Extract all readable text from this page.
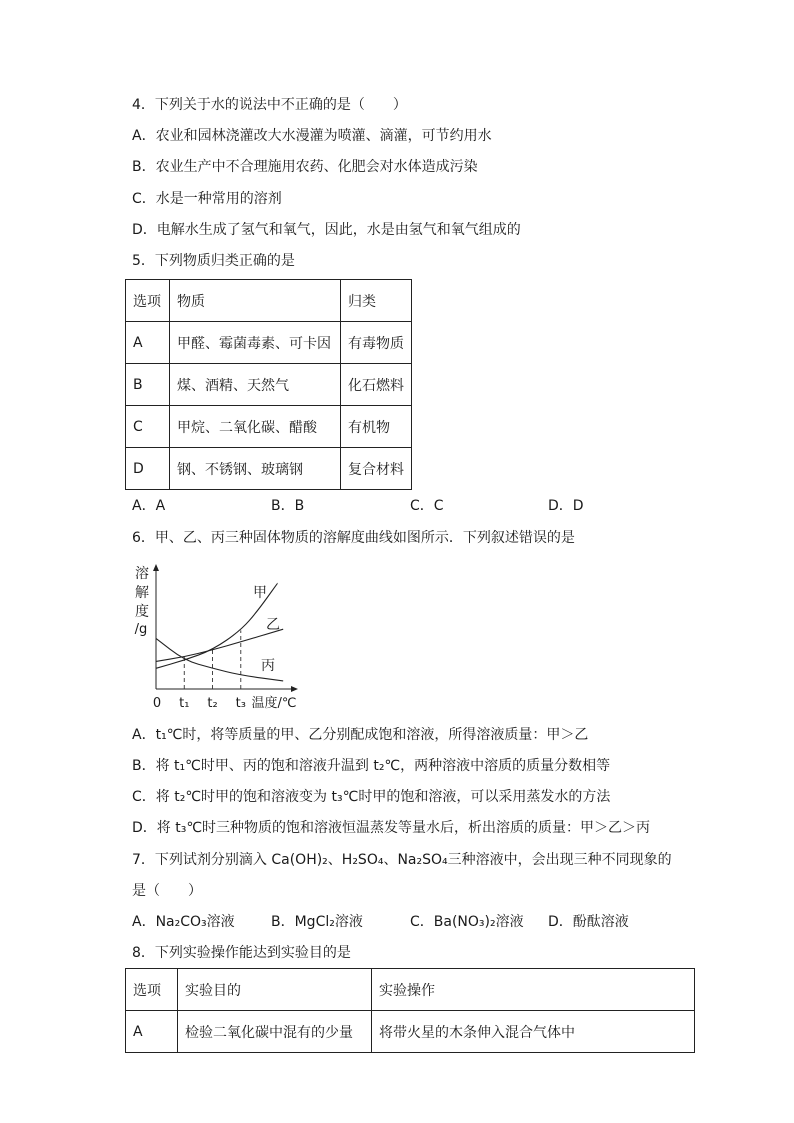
4．下列关于水的说法中不正确的是（　　）
A．农业和园林浇灌改大水漫灌为喷灌、滴灌，可节约用水
B．农业生产中不合理施用农药、化肥会对水体造成污染
C．水是一种常用的溶剂
D．电解水生成了氢气和氧气，因此，水是由氢气和氧气组成的
5．下列物质归类正确的是
选项	物质	归类
A	甲醛、霉菌毒素、可卡因	有毒物质
B	煤、酒精、天然气	化石燃料
C	甲烷、二氧化碳、醋酸	有机物
D	钢、不锈钢、玻璃钢	复合材料
A．A	B．B	C．C	D．D
6．甲、乙、丙三种固体物质的溶解度曲线如图所示．下列叙述错误的是
溶
解
度
/g
甲
乙
丙
0 t₁ t₂ t₃ 温度/℃
A．t₁℃时，将等质量的甲、乙分别配成饱和溶液，所得溶液质量：甲＞乙
B．将 t₁℃时甲、丙的饱和溶液升温到 t₂℃，两种溶液中溶质的质量分数相等
C．将 t₂℃时甲的饱和溶液变为 t₃℃时甲的饱和溶液，可以采用蒸发水的方法
D．将 t₃℃时三种物质的饱和溶液恒温蒸发等量水后，析出溶质的质量：甲＞乙＞丙
7．下列试剂分别滴入 Ca(OH)₂、H₂SO₄、Na₂SO₄三种溶液中，会出现三种不同现象的
是（　　）
A．Na₂CO₃溶液	B．MgCl₂溶液	C．Ba(NO₃)₂溶液 D．酚酞溶液
8．下列实验操作能达到实验目的是
选项	实验目的	实验操作
A	检验二氧化碳中混有的少量	将带火星的木条伸入混合气体中
